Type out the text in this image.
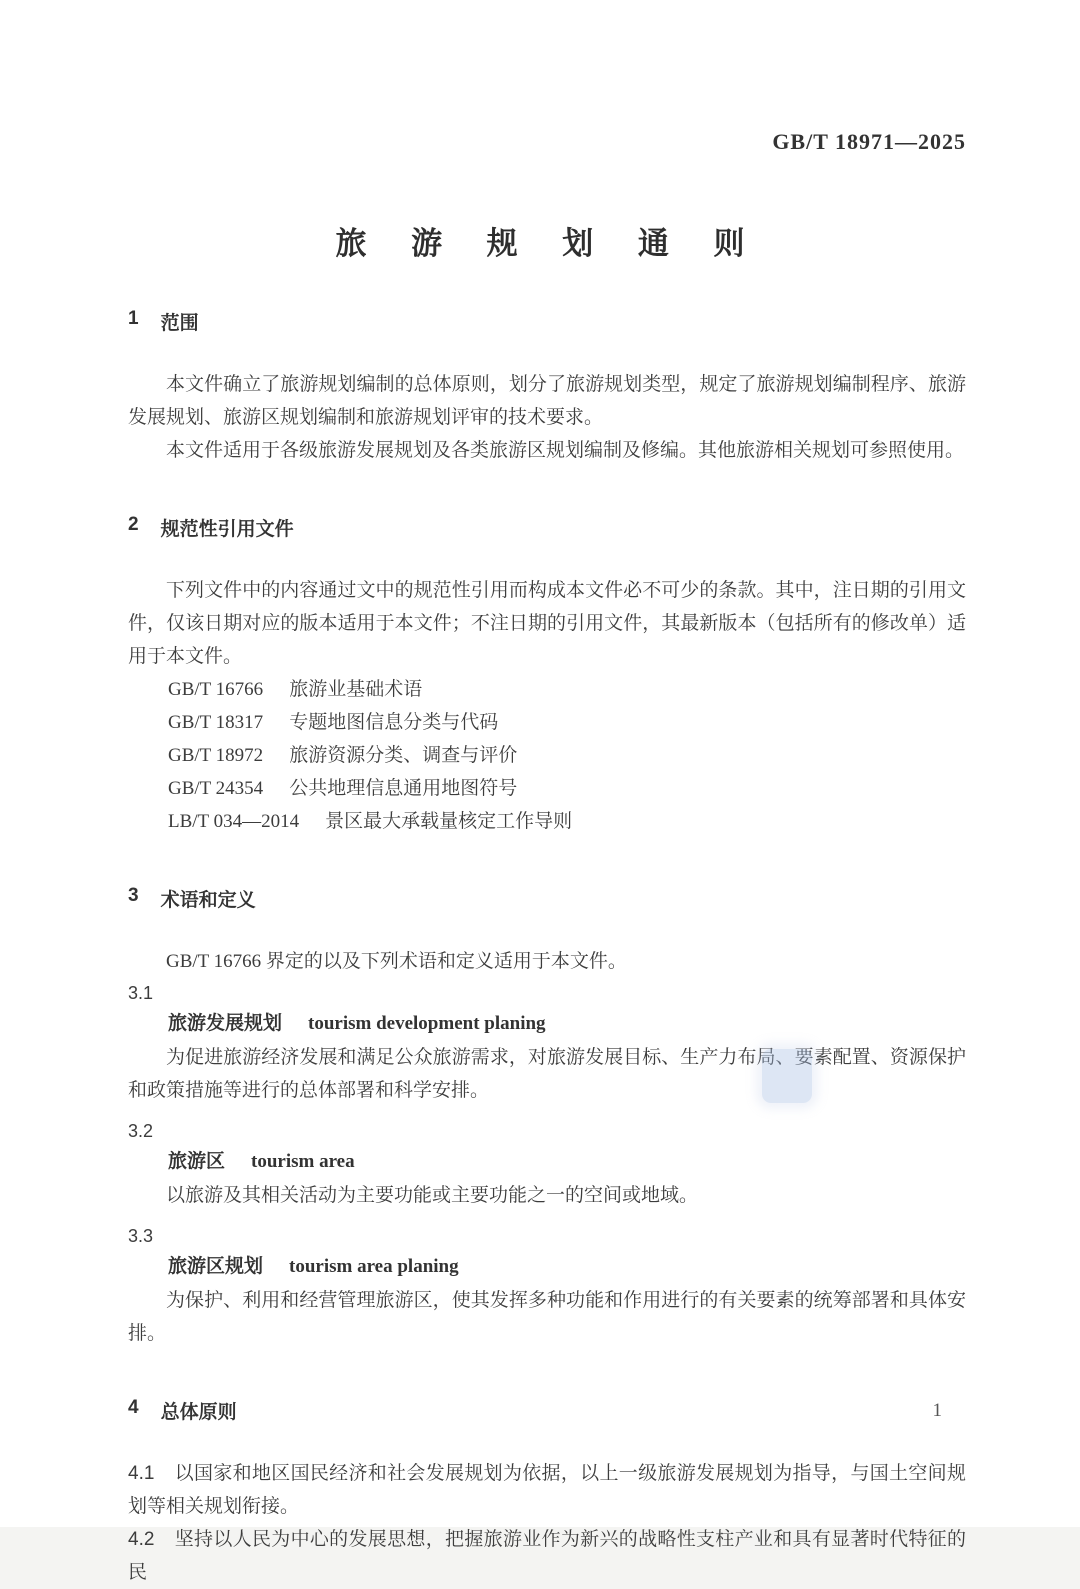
GB/T 18971—2025
旅 游 规 划 通 则
1 范围

本文件确立了旅游规划编制的总体原则，划分了旅游规划类型，规定了旅游规划编制程序、旅游发展规划、旅游区规划编制和旅游规划评审的技术要求。

本文件适用于各级旅游发展规划及各类旅游区规划编制及修编。其他旅游相关规划可参照使用。

2 规范性引用文件

下列文件中的内容通过文中的规范性引用而构成本文件必不可少的条款。其中，注日期的引用文件，仅该日期对应的版本适用于本文件；不注日期的引用文件，其最新版本（包括所有的修改单）适用于本文件。

GB/T 16766 旅游业基础术语
GB/T 18317 专题地图信息分类与代码
GB/T 18972 旅游资源分类、调查与评价
GB/T 24354 公共地理信息通用地图符号
LB/T 034—2014 景区最大承载量核定工作导则
3 术语和定义

GB/T 16766 界定的以及下列术语和定义适用于本文件。

3.1
旅游发展规划 tourism development planing

为促进旅游经济发展和满足公众旅游需求，对旅游发展目标、生产力布局、要素配置、资源保护和政策措施等进行的总体部署和科学安排。

3.2
旅游区 tourism area

以旅游及其相关活动为主要功能或主要功能之一的空间或地域。

3.3
旅游区规划 tourism area planing

为保护、利用和经营管理旅游区，使其发挥多种功能和作用进行的有关要素的统筹部署和具体安排。

4 总体原则

4.1 以国家和地区国民经济和社会发展规划为依据，以上一级旅游发展规划为指导，与国土空间规划等相关规划衔接。

4.2 坚持以人民为中心的发展思想，把握旅游业作为新兴的战略性支柱产业和具有显著时代特征的民

1
